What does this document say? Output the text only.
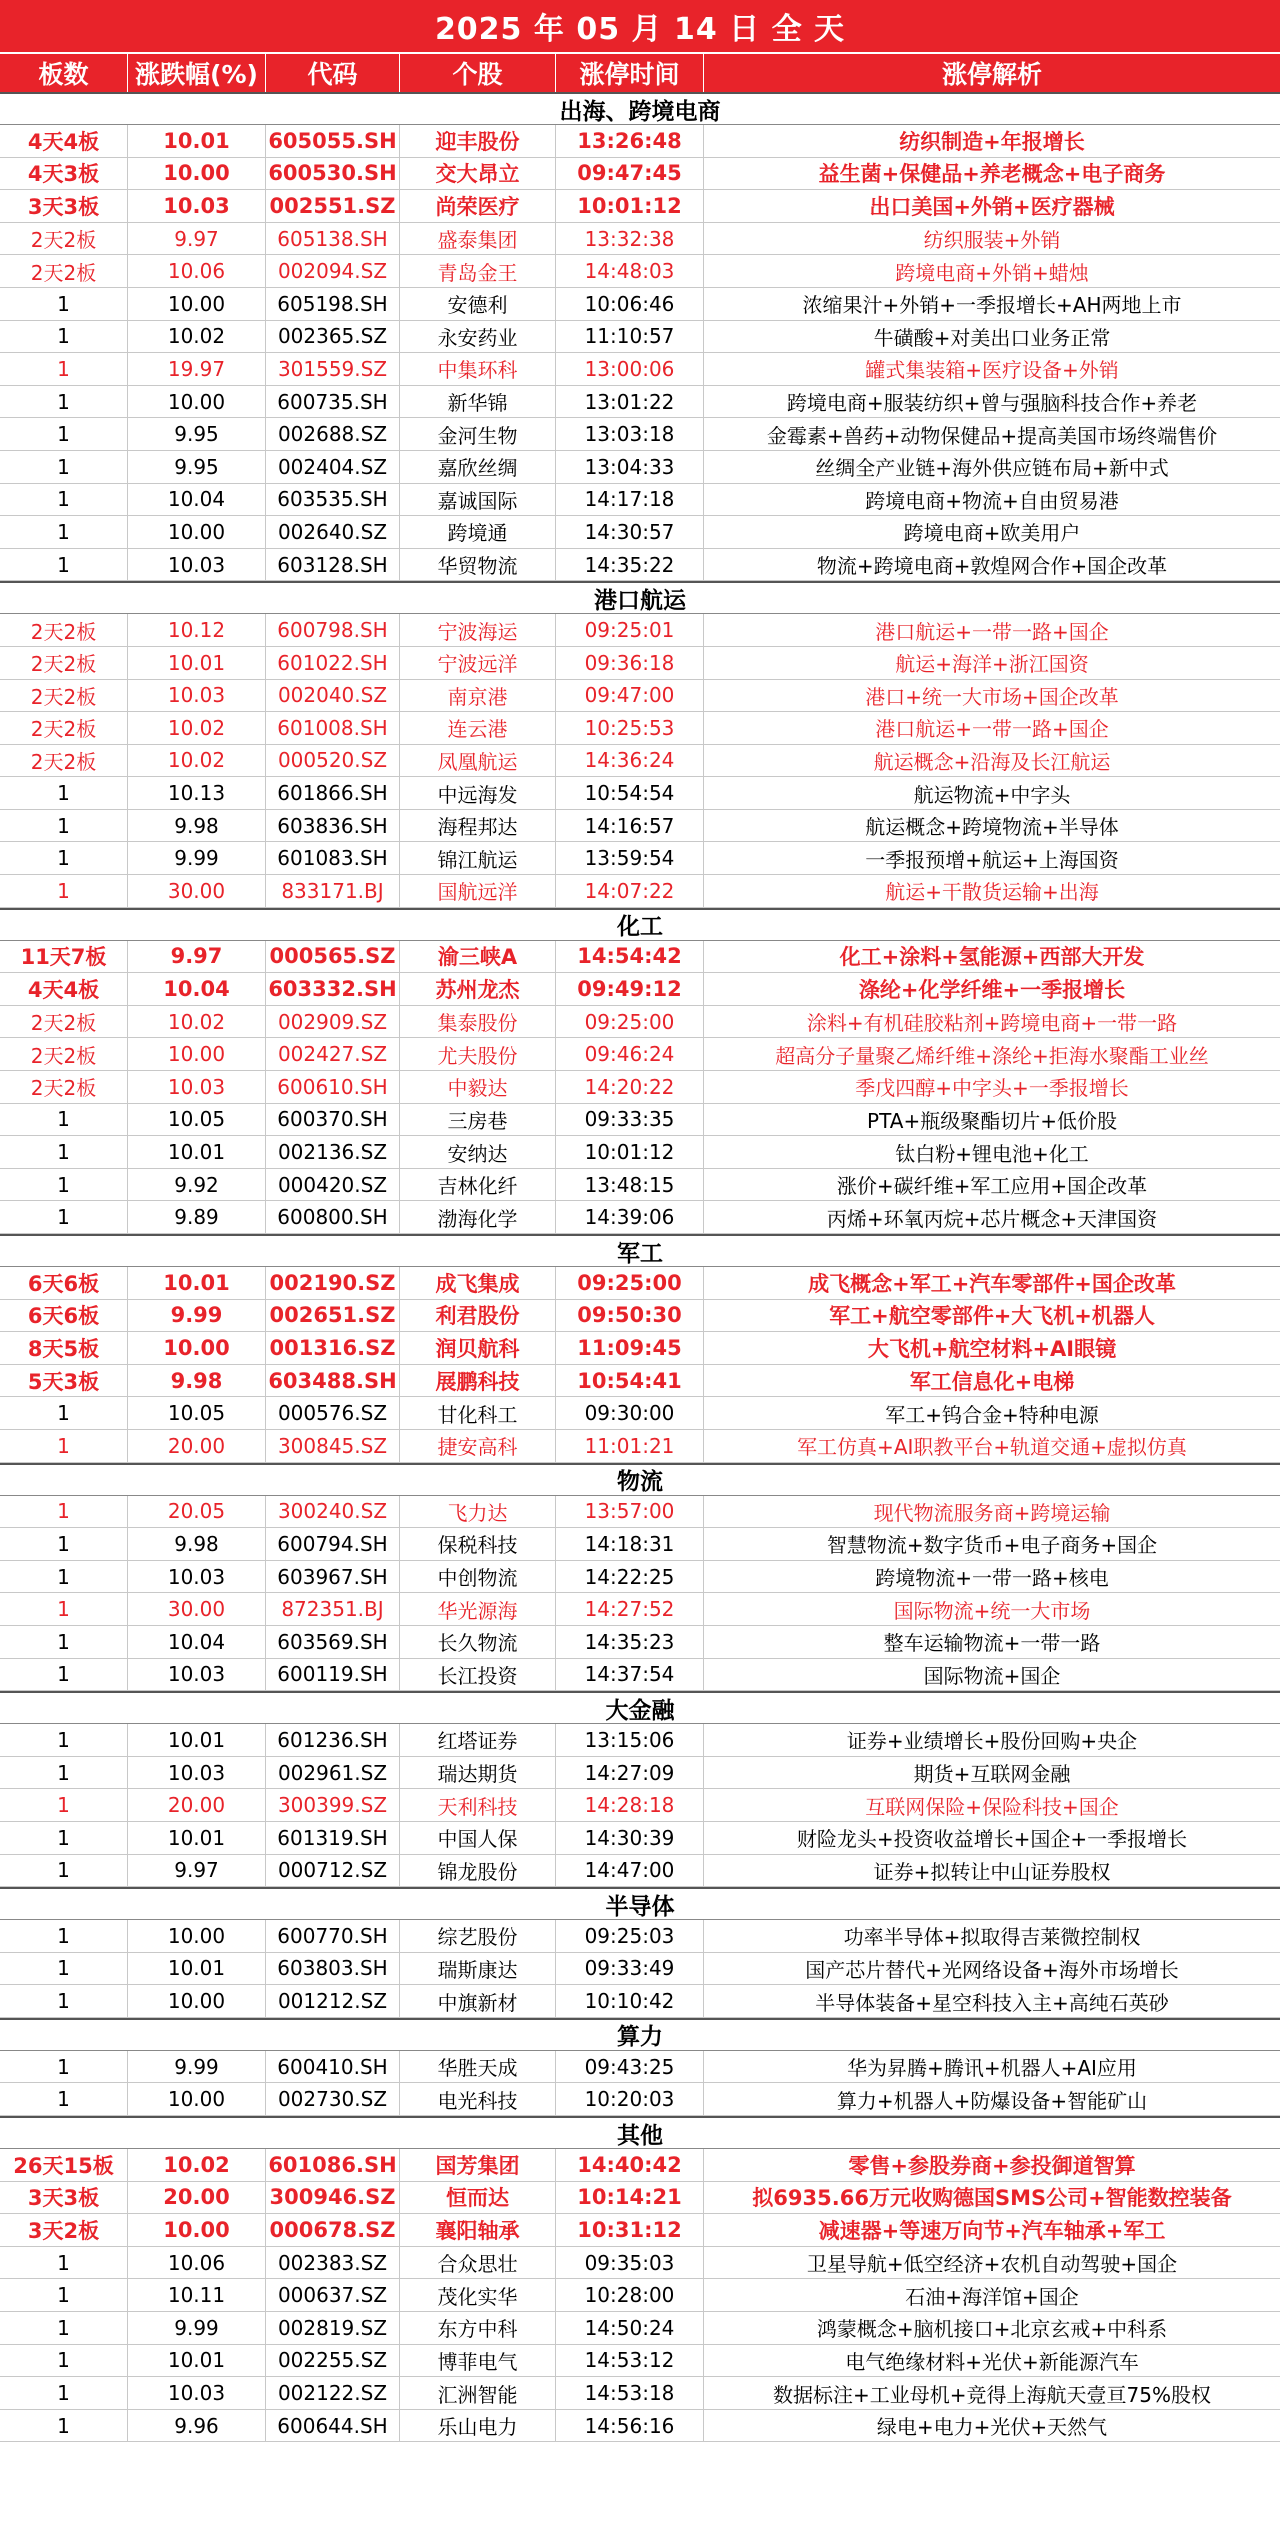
2025 年 05 月 14 日 全 天
板数	涨跌幅(%)	代码	个股	涨停时间	涨停解析
出海、跨境电商
4天4板	10.01	605055.SH	迎丰股份	13:26:48	纺织制造+年报增长
4天3板	10.00	600530.SH	交大昂立	09:47:45	益生菌+保健品+养老概念+电子商务
3天3板	10.03	002551.SZ	尚荣医疗	10:01:12	出口美国+外销+医疗器械
2天2板	9.97	605138.SH	盛泰集团	13:32:38	纺织服装+外销
2天2板	10.06	002094.SZ	青岛金王	14:48:03	跨境电商+外销+蜡烛
1	10.00	605198.SH	安德利	10:06:46	浓缩果汁+外销+一季报增长+AH两地上市
1	10.02	002365.SZ	永安药业	11:10:57	牛磺酸+对美出口业务正常
1	19.97	301559.SZ	中集环科	13:00:06	罐式集装箱+医疗设备+外销
1	10.00	600735.SH	新华锦	13:01:22	跨境电商+服装纺织+曾与强脑科技合作+养老
1	9.95	002688.SZ	金河生物	13:03:18	金霉素+兽药+动物保健品+提高美国市场终端售价
1	9.95	002404.SZ	嘉欣丝绸	13:04:33	丝绸全产业链+海外供应链布局+新中式
1	10.04	603535.SH	嘉诚国际	14:17:18	跨境电商+物流+自由贸易港
1	10.00	002640.SZ	跨境通	14:30:57	跨境电商+欧美用户
1	10.03	603128.SH	华贸物流	14:35:22	物流+跨境电商+敦煌网合作+国企改革
港口航运
2天2板	10.12	600798.SH	宁波海运	09:25:01	港口航运+一带一路+国企
2天2板	10.01	601022.SH	宁波远洋	09:36:18	航运+海洋+浙江国资
2天2板	10.03	002040.SZ	南京港	09:47:00	港口+统一大市场+国企改革
2天2板	10.02	601008.SH	连云港	10:25:53	港口航运+一带一路+国企
2天2板	10.02	000520.SZ	凤凰航运	14:36:24	航运概念+沿海及长江航运
1	10.13	601866.SH	中远海发	10:54:54	航运物流+中字头
1	9.98	603836.SH	海程邦达	14:16:57	航运概念+跨境物流+半导体
1	9.99	601083.SH	锦江航运	13:59:54	一季报预增+航运+上海国资
1	30.00	833171.BJ	国航远洋	14:07:22	航运+干散货运输+出海
化工
11天7板	9.97	000565.SZ	渝三峡A	14:54:42	化工+涂料+氢能源+西部大开发
4天4板	10.04	603332.SH	苏州龙杰	09:49:12	涤纶+化学纤维+一季报增长
2天2板	10.02	002909.SZ	集泰股份	09:25:00	涂料+有机硅胶粘剂+跨境电商+一带一路
2天2板	10.00	002427.SZ	尤夫股份	09:46:24	超高分子量聚乙烯纤维+涤纶+拒海水聚酯工业丝
2天2板	10.03	600610.SH	中毅达	14:20:22	季戊四醇+中字头+一季报增长
1	10.05	600370.SH	三房巷	09:33:35	PTA+瓶级聚酯切片+低价股
1	10.01	002136.SZ	安纳达	10:01:12	钛白粉+锂电池+化工
1	9.92	000420.SZ	吉林化纤	13:48:15	涨价+碳纤维+军工应用+国企改革
1	9.89	600800.SH	渤海化学	14:39:06	丙烯+环氧丙烷+芯片概念+天津国资
军工
6天6板	10.01	002190.SZ	成飞集成	09:25:00	成飞概念+军工+汽车零部件+国企改革
6天6板	9.99	002651.SZ	利君股份	09:50:30	军工+航空零部件+大飞机+机器人
8天5板	10.00	001316.SZ	润贝航科	11:09:45	大飞机+航空材料+AI眼镜
5天3板	9.98	603488.SH	展鹏科技	10:54:41	军工信息化+电梯
1	10.05	000576.SZ	甘化科工	09:30:00	军工+钨合金+特种电源
1	20.00	300845.SZ	捷安高科	11:01:21	军工仿真+AI职教平台+轨道交通+虚拟仿真
物流
1	20.05	300240.SZ	飞力达	13:57:00	现代物流服务商+跨境运输
1	9.98	600794.SH	保税科技	14:18:31	智慧物流+数字货币+电子商务+国企
1	10.03	603967.SH	中创物流	14:22:25	跨境物流+一带一路+核电
1	30.00	872351.BJ	华光源海	14:27:52	国际物流+统一大市场
1	10.04	603569.SH	长久物流	14:35:23	整车运输物流+一带一路
1	10.03	600119.SH	长江投资	14:37:54	国际物流+国企
大金融
1	10.01	601236.SH	红塔证券	13:15:06	证券+业绩增长+股份回购+央企
1	10.03	002961.SZ	瑞达期货	14:27:09	期货+互联网金融
1	20.00	300399.SZ	天利科技	14:28:18	互联网保险+保险科技+国企
1	10.01	601319.SH	中国人保	14:30:39	财险龙头+投资收益增长+国企+一季报增长
1	9.97	000712.SZ	锦龙股份	14:47:00	证券+拟转让中山证券股权
半导体
1	10.00	600770.SH	综艺股份	09:25:03	功率半导体+拟取得吉莱微控制权
1	10.01	603803.SH	瑞斯康达	09:33:49	国产芯片替代+光网络设备+海外市场增长
1	10.00	001212.SZ	中旗新材	10:10:42	半导体装备+星空科技入主+高纯石英砂
算力
1	9.99	600410.SH	华胜天成	09:43:25	华为昇腾+腾讯+机器人+AI应用
1	10.00	002730.SZ	电光科技	10:20:03	算力+机器人+防爆设备+智能矿山
其他
26天15板	10.02	601086.SH	国芳集团	14:40:42	零售+参股券商+参投御道智算
3天3板	20.00	300946.SZ	恒而达	10:14:21	拟6935.66万元收购德国SMS公司+智能数控装备
3天2板	10.00	000678.SZ	襄阳轴承	10:31:12	减速器+等速万向节+汽车轴承+军工
1	10.06	002383.SZ	合众思壮	09:35:03	卫星导航+低空经济+农机自动驾驶+国企
1	10.11	000637.SZ	茂化实华	10:28:00	石油+海洋馆+国企
1	9.99	002819.SZ	东方中科	14:50:24	鸿蒙概念+脑机接口+北京玄戒+中科系
1	10.01	002255.SZ	博菲电气	14:53:12	电气绝缘材料+光伏+新能源汽车
1	10.03	002122.SZ	汇洲智能	14:53:18	数据标注+工业母机+竞得上海航天壹亘75%股权
1	9.96	600644.SH	乐山电力	14:56:16	绿电+电力+光伏+天然气
